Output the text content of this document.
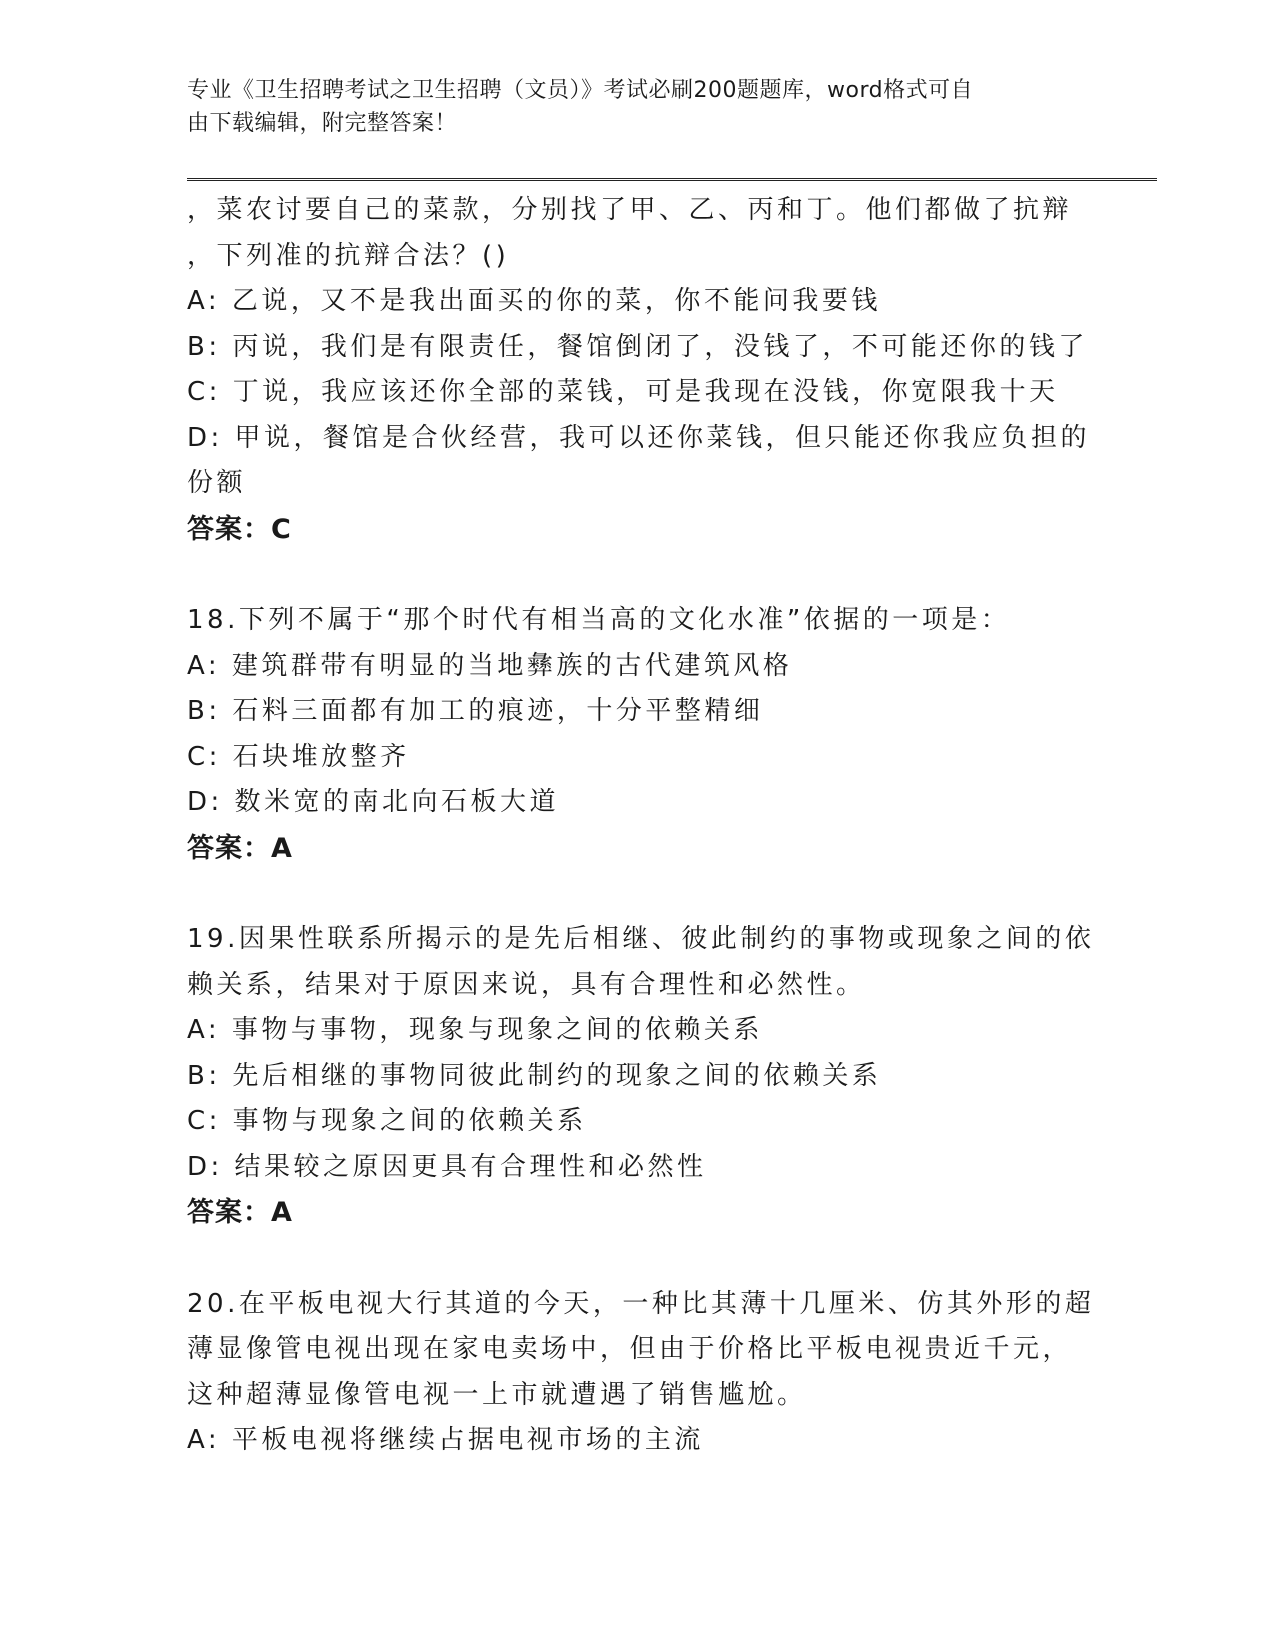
专业《卫生招聘考试之卫生招聘（文员）》考试必刷200题题库，word格式可自
由下载编辑，附完整答案！
，菜农讨要自己的菜款，分别找了甲、乙、丙和丁。他们都做了抗辩
，下列准的抗辩合法？()
A: 乙说，又不是我出面买的你的菜，你不能问我要钱
B: 丙说，我们是有限责任，餐馆倒闭了，没钱了，不可能还你的钱了
C: 丁说，我应该还你全部的菜钱，可是我现在没钱，你宽限我十天
D: 甲说，餐馆是合伙经营，我可以还你菜钱，但只能还你我应负担的
份额
答案：C
18.下列不属于“那个时代有相当高的文化水准”依据的一项是：
A: 建筑群带有明显的当地彝族的古代建筑风格
B: 石料三面都有加工的痕迹，十分平整精细
C: 石块堆放整齐
D: 数米宽的南北向石板大道
答案：A
19.因果性联系所揭示的是先后相继、彼此制约的事物或现象之间的依
赖关系，结果对于原因来说，具有合理性和必然性。
A: 事物与事物，现象与现象之间的依赖关系
B: 先后相继的事物同彼此制约的现象之间的依赖关系
C: 事物与现象之间的依赖关系
D: 结果较之原因更具有合理性和必然性
答案：A
20.在平板电视大行其道的今天，一种比其薄十几厘米、仿其外形的超
薄显像管电视出现在家电卖场中，但由于价格比平板电视贵近千元，
这种超薄显像管电视一上市就遭遇了销售尴尬。
A: 平板电视将继续占据电视市场的主流
